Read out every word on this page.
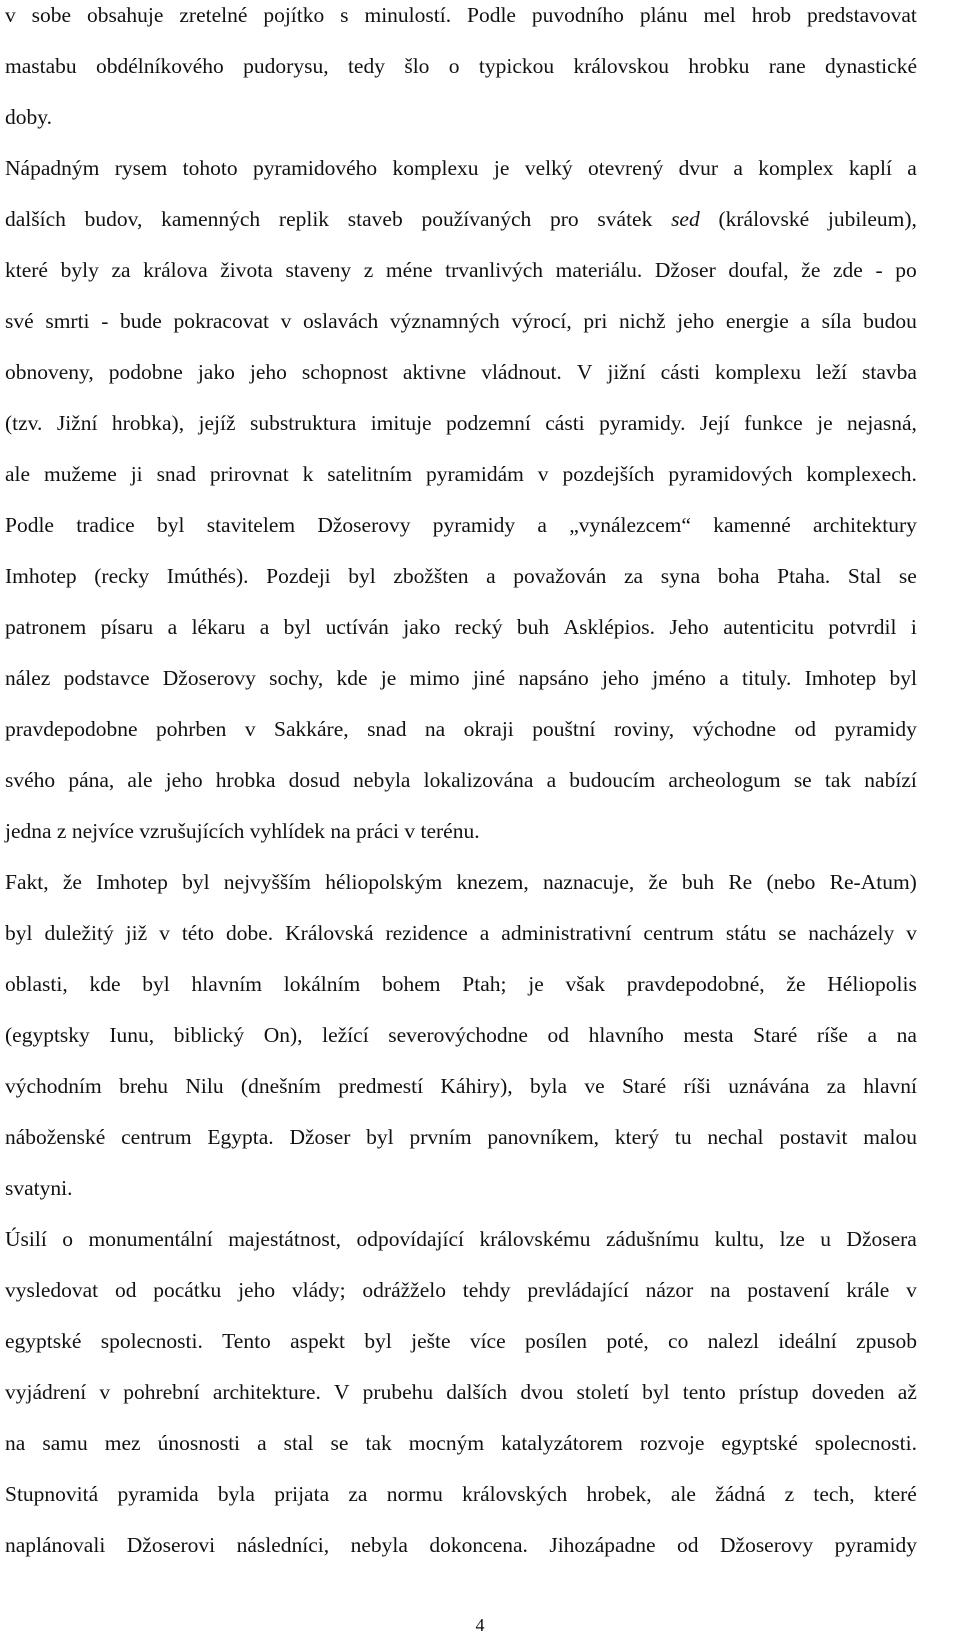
v sobe obsahuje zretelné pojítko s minulostí. Podle puvodního plánu mel hrob predstavovat
mastabu obdélníkového pudorysu, tedy šlo o typickou královskou hrobku rane dynastické
doby.
Nápadným rysem tohoto pyramidového komplexu je velký otevrený dvur a komplex kaplí a
dalších budov, kamenných replik staveb používaných pro svátek sed (královské jubileum),
které byly za králova života staveny z méne trvanlivých materiálu. Džoser doufal, že zde - po
své smrti - bude pokracovat v oslavách významných výrocí, pri nichž jeho energie a síla budou
obnoveny, podobne jako jeho schopnost aktivne vládnout. V jižní cásti komplexu leží stavba
(tzv. Jižní hrobka), jejíž substruktura imituje podzemní cásti pyramidy. Její funkce je nejasná,
ale mužeme ji snad prirovnat k satelitním pyramidám v pozdejších pyramidových komplexech.
Podle tradice byl stavitelem Džoserovy pyramidy a „vynálezcem“ kamenné architektury
Imhotep (recky Imúthés). Pozdeji byl zbožšten a považován za syna boha Ptaha. Stal se
patronem písaru a lékaru a byl uctíván jako recký buh Asklépios. Jeho autenticitu potvrdil i
nález podstavce Džoserovy sochy, kde je mimo jiné napsáno jeho jméno a tituly. Imhotep byl
pravdepodobne pohrben v Sakkáre, snad na okraji pouštní roviny, východne od pyramidy
svého pána, ale jeho hrobka dosud nebyla lokalizována a budoucím archeologum se tak nabízí
jedna z nejvíce vzrušujících vyhlídek na práci v terénu.
Fakt, že Imhotep byl nejvyšším héliopolským knezem, naznacuje, že buh Re (nebo Re-Atum)
byl duležitý již v této dobe. Královská rezidence a administrativní centrum státu se nacházely v
oblasti, kde byl hlavním lokálním bohem Ptah; je však pravdepodobné, že Héliopolis
(egyptsky Iunu, biblický On), ležící severovýchodne od hlavního mesta Staré ríše a na
východním brehu Nilu (dnešním predmestí Káhiry), byla ve Staré ríši uznávána za hlavní
náboženské centrum Egypta. Džoser byl prvním panovníkem, který tu nechal postavit malou
svatyni.
Úsilí o monumentální majestátnost, odpovídající královskému zádušnímu kultu, lze u Džosera
vysledovat od pocátku jeho vlády; odrážželo tehdy prevládající názor na postavení krále v
egyptské spolecnosti. Tento aspekt byl ješte více posílen poté, co nalezl ideální zpusob
vyjádrení v pohrební architekture. V prubehu dalších dvou století byl tento prístup doveden až
na samu mez únosnosti a stal se tak mocným katalyzátorem rozvoje egyptské spolecnosti.
Stupnovitá pyramida byla prijata za normu královských hrobek, ale žádná z tech, které
naplánovali Džoserovi následníci, nebyla dokoncena. Jihozápadne od Džoserovy pyramidy
4
